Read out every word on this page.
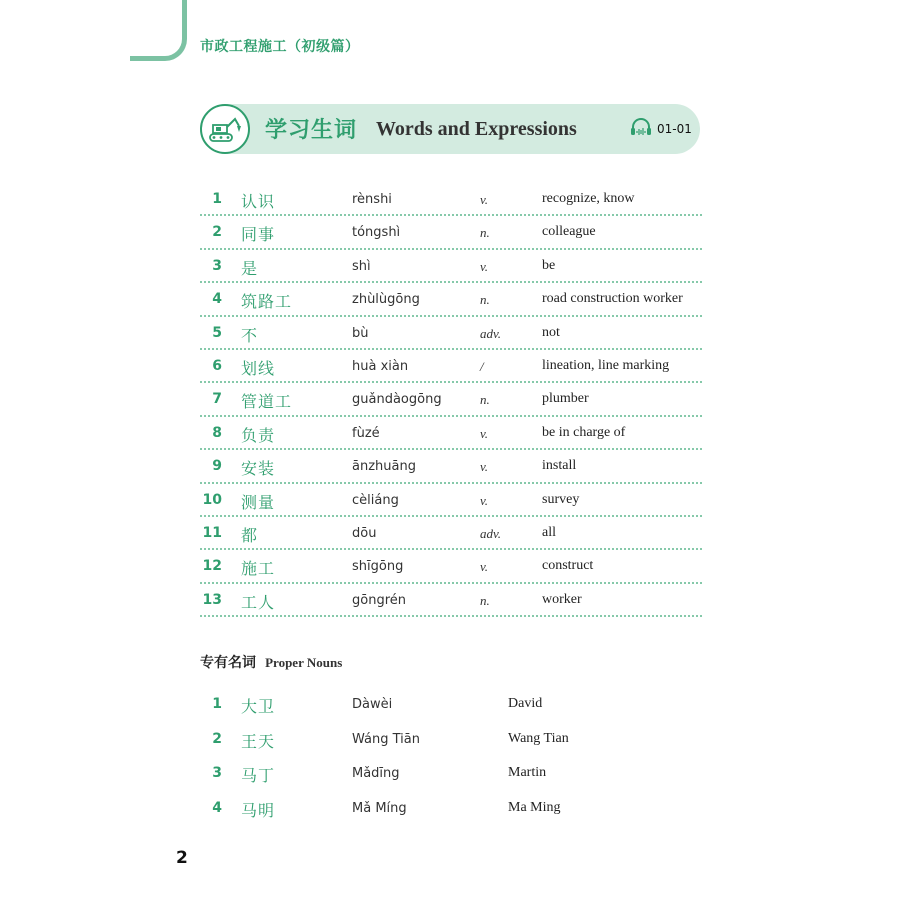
市政工程施工（初级篇）
学习生词 Words and Expressions	01-01
1 认识	rènshi	v.	recognize, know
2 同事	tóngshì	n.	colleague
3 是	shì	v.	be
4 筑路工	zhùlùgōng	n.	road construction worker
5 不	bù	adv.	not
6 划线	huà xiàn	/	lineation, line marking
7 管道工	guǎndàogōng	n.	plumber
8 负责	fùzé	v.	be in charge of
9 安装	ānzhuāng	v.	install
10 测量	cèliáng	v.	survey
11 都	dōu	adv.	all
12 施工	shīgōng	v.	construct
13 工人	gōngrén	n.	worker
专有名词 Proper Nouns
1 大卫	Dàwèi	David
2 王天	Wáng Tiān	Wang Tian
3 马丁	Mǎdīng	Martin
4 马明	Mǎ Míng	Ma Ming
2
